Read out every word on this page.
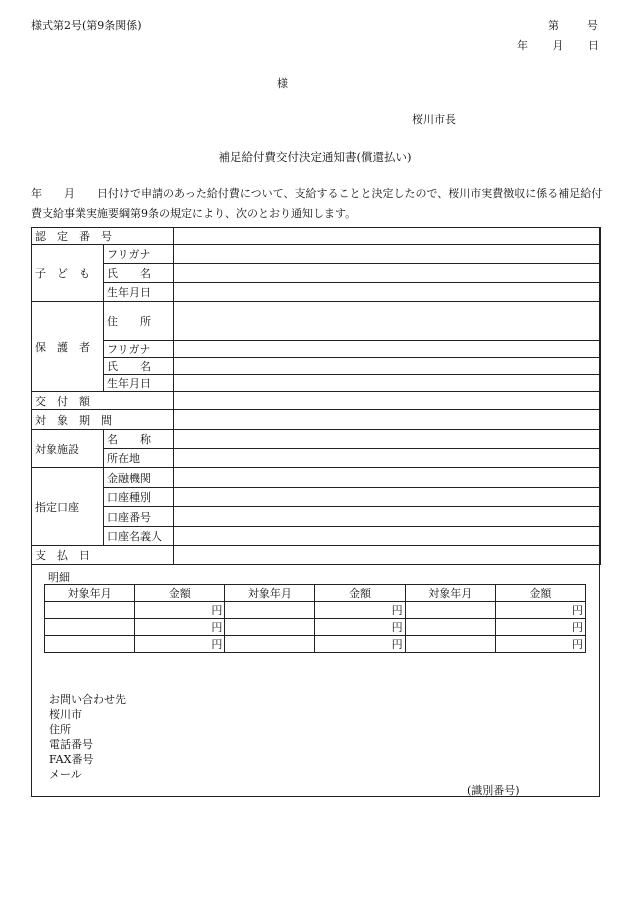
様式第2号(第9条関係)	第	号
年 月 日
様
桜川市長
補足給付費交付決定通知書(償還払い)
年　　月　　日付けで申請のあった給付費について、支給することと決定したので、桜川市実費徴収に係る補足給付費支給事業実施要綱第9条の規定により、次のとおり通知します。
認　定　番　号		
子　ど　も	フリガナ	
	氏　　名	
	生年月日	
保　護　者	住　　所	
	フリガナ	
	氏　　名	
	生年月日	
交　付　額		
対　象　期　間		
対象施設	名　　称	
	所在地	
指定口座	金融機関	
	口座種別	
	口座番号	
	口座名義人	
支　払　日		
明細
対象年月	金額	対象年月	金額	対象年月	金額
	円		円		円
	円		円		円
	円		円		円
お問い合わせ先
桜川市
住所
電話番号
FAX番号
メール
(識別番号)
